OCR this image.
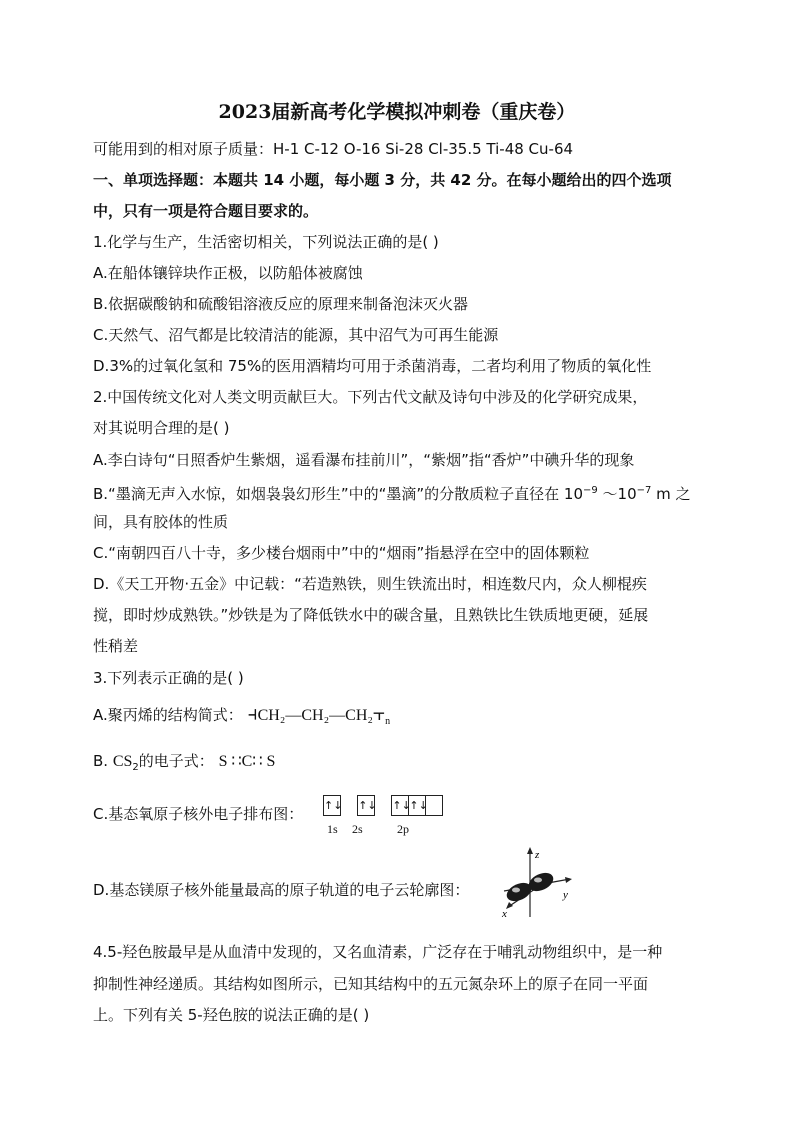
2023届新高考化学模拟冲刺卷（重庆卷）
可能用到的相对原子质量：H-1 C-12 O-16 Si-28 Cl-35.5 Ti-48 Cu-64
一、单项选择题：本题共 14 小题，每小题 3 分，共 42 分。在每小题给出的四个选项
中，只有一项是符合题目要求的。
1.化学与生产，生活密切相关，下列说法正确的是( )
A.在船体镶锌块作正极，以防船体被腐蚀
B.依据碳酸钠和硫酸铝溶液反应的原理来制备泡沫灭火器
C.天然气、沼气都是比较清洁的能源，其中沼气为可再生能源
D.3%的过氧化氢和 75%的医用酒精均可用于杀菌消毒，二者均利用了物质的氧化性
2.中国传统文化对人类文明贡献巨大。下列古代文献及诗句中涉及的化学研究成果，
对其说明合理的是( )
A.李白诗句“日照香炉生紫烟，遥看瀑布挂前川”，“紫烟”指“香炉”中碘升华的现象
B.“墨滴无声入水惊，如烟袅袅幻形生”中的“墨滴”的分散质粒子直径在 $10^{-9}$ $\sim 10^{-7}$ m 之
间，具有胶体的性质
C.“南朝四百八十寺，多少楼台烟雨中”中的“烟雨”指悬浮在空中的固体颗粒
D.《天工开物·五金》中记载：“若造熟铁，则生铁流出时，相连数尺内，众人柳棍疾
搅，即时炒成熟铁。”炒铁是为了降低铁水中的碳含量，且熟铁比生铁质地更硬，延展
性稍差
3.下列表示正确的是( )
A.聚丙烯的结构简式： $⫞CH_2—CH_2—CH_2⫟_n$
B. $CS_2$的电子式： S ∷C∷ S
C.基态氧原子核外电子排布图： ↑↓ ↑↓ ↑↓↑↓
1s 2s	2p
D.基态镁原子核外能量最高的原子轨道的电子云轮廓图：
z
y
x
4.5-羟色胺最早是从血清中发现的，又名血清素，广泛存在于哺乳动物组织中，是一种
抑制性神经递质。其结构如图所示，已知其结构中的五元氮杂环上的原子在同一平面
上。下列有关 5-羟色胺的说法正确的是( )
